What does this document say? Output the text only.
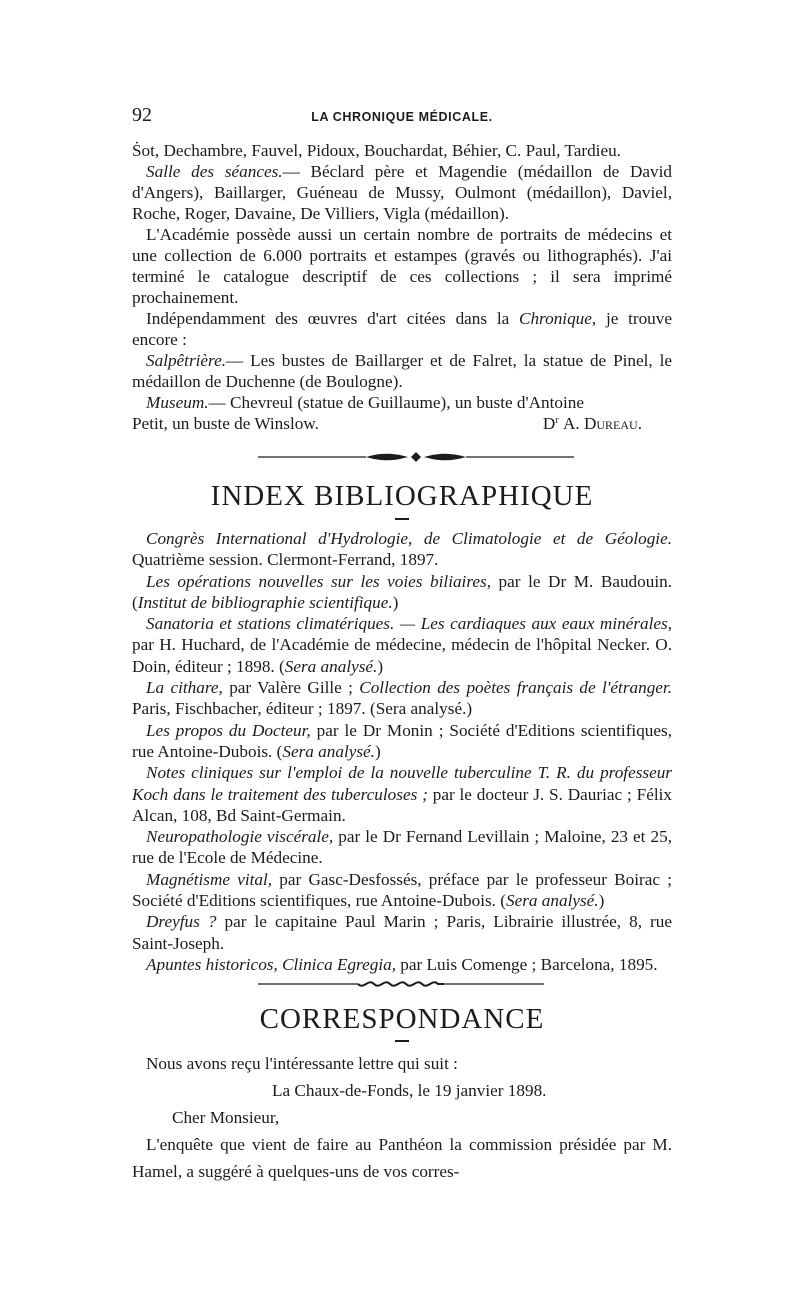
92	LA CHRONIQUE MÉDICALE.

Ṡot, Dechambre, Fauvel, Pidoux, Bouchardat, Béhier, C. Paul, Tardieu.

Salle des séances.— Béclard père et Magendie (médaillon de David d'Angers), Baillarger, Guéneau de Mussy, Oulmont (médaillon), Daviel, Roche, Roger, Davaine, De Villiers, Vigla (médaillon).

L'Académie possède aussi un certain nombre de portraits de médecins et une collection de 6.000 portraits et estampes (gravés ou lithographés). J'ai terminé le catalogue descriptif de ces collections ; il sera imprimé prochainement.

Indépendamment des œuvres d'art citées dans la Chronique, je trouve encore :

Salpêtrière.— Les bustes de Baillarger et de Falret, la statue de Pinel, le médaillon de Duchenne (de Boulogne).

Museum.— Chevreul (statue de Guillaume), un buste d'Antoine

Petit, un buste de Winslow.	$D^r$ A. Dureau.
INDEX BIBLIOGRAPHIQUE

Congrès International d'Hydrologie, de Climatologie et de Géologie. Quatrième session. Clermont-Ferrand, 1897.

Les opérations nouvelles sur les voies biliaires, par le Dr M. Baudouin. (Institut de bibliographie scientifique.)

Sanatoria et stations climatériques. — Les cardiaques aux eaux minérales, par H. Huchard, de l'Académie de médecine, médecin de l'hôpital Necker. O. Doin, éditeur ; 1898. (Sera analysé.)

La cithare, par Valère Gille ; Collection des poètes français de l'étranger. Paris, Fischbacher, éditeur ; 1897. (Sera analysé.)

Les propos du Docteur, par le Dr Monin ; Société d'Editions scientifiques, rue Antoine-Dubois. (Sera analysé.)

Notes cliniques sur l'emploi de la nouvelle tuberculine T. R. du professeur Koch dans le traitement des tuberculoses ; par le docteur J. S. Dauriac ; Félix Alcan, 108, Bd Saint-Germain.

Neuropathologie viscérale, par le Dr Fernand Levillain ; Maloine, 23 et 25, rue de l'Ecole de Médecine.

Magnétisme vital, par Gasc-Desfossés, préface par le professeur Boirac ; Société d'Editions scientifiques, rue Antoine-Dubois. (Sera analysé.)

Dreyfus ? par le capitaine Paul Marin ; Paris, Librairie illustrée, 8, rue Saint-Joseph.

Apuntes historicos, Clinica Egregia, par Luis Comenge ; Barcelona, 1895.

CORRESPONDANCE

Nous avons reçu l'intéressante lettre qui suit :

La Chaux-de-Fonds, le 19 janvier 1898.

Cher Monsieur,

L'enquête que vient de faire au Panthéon la commission présidée par M. Hamel, a suggéré à quelques-uns de vos corres-
